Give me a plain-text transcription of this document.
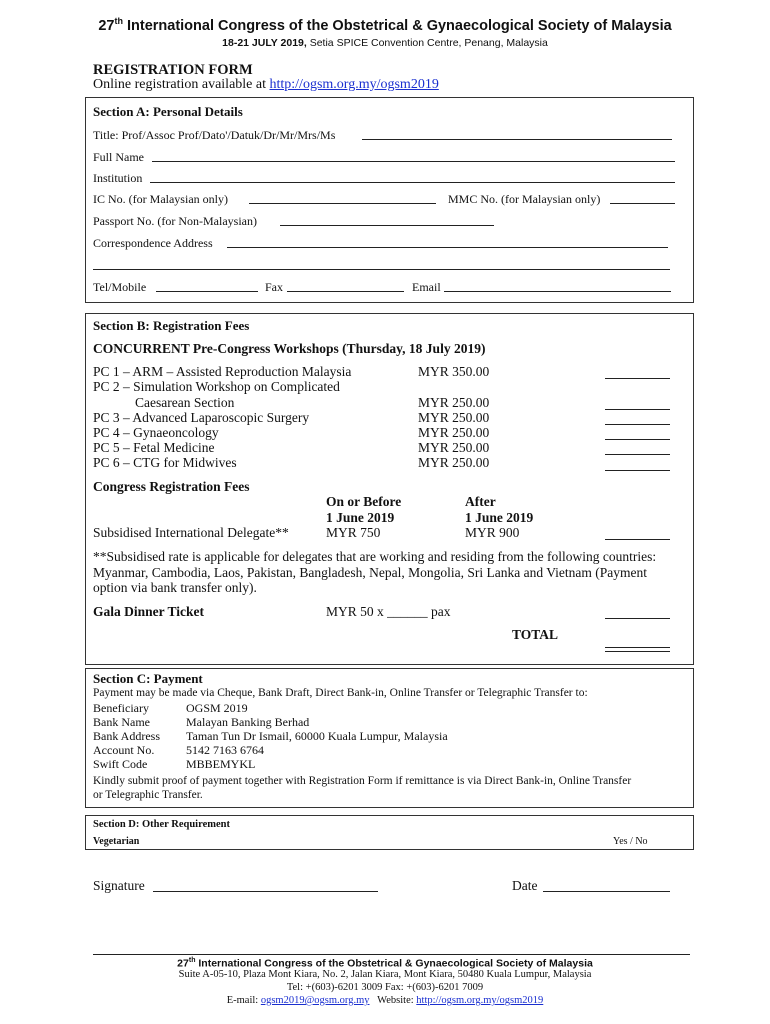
27th International Congress of the Obstetrical & Gynaecological Society of Malaysia
18-21 JULY 2019, Setia SPICE Convention Centre, Penang, Malaysia
REGISTRATION FORM
Online registration available at http://ogsm.org.my/ogsm2019
Section A: Personal Details
Title: Prof/Assoc Prof/Dato'/Datuk/Dr/Mr/Mrs/Ms
Full Name
Institution
IC No. (for Malaysian only)	MMC No. (for Malaysian only)
Passport No. (for Non-Malaysian)
Correspondence Address
Tel/Mobile	Fax	Email
Section B: Registration Fees
CONCURRENT Pre-Congress Workshops (Thursday, 18 July 2019)
PC 1 – ARM – Assisted Reproduction Malaysia	MYR 350.00
PC 2 – Simulation Workshop on Complicated
Caesarean Section	MYR 250.00
PC 3 – Advanced Laparoscopic Surgery	MYR 250.00
PC 4 – Gynaeoncology	MYR 250.00
PC 5 – Fetal Medicine	MYR 250.00
PC 6 – CTG for Midwives	MYR 250.00
Congress Registration Fees
On or Before
1 June 2019
After
1 June 2019
Subsidised International Delegate**	MYR 750	MYR 900
**Subsidised rate is applicable for delegates that are working and residing from the following countries:
Myanmar, Cambodia, Laos, Pakistan, Bangladesh, Nepal, Mongolia, Sri Lanka and Vietnam (Payment
option via bank transfer only).
Gala Dinner Ticket	MYR 50 x ______ pax
TOTAL
Section C: Payment
Payment may be made via Cheque, Bank Draft, Direct Bank-in, Online Transfer or Telegraphic Transfer to:
Beneficiary	OGSM 2019
Bank Name	Malayan Banking Berhad
Bank Address Taman Tun Dr Ismail, 60000 Kuala Lumpur, Malaysia
Account No.	5142 7163 6764
Swift Code	MBBEMYKL
Kindly submit proof of payment together with Registration Form if remittance is via Direct Bank-in, Online Transfer
or Telegraphic Transfer.
Section D: Other Requirement
Vegetarian	Yes / No
Signature	Date
27th International Congress of the Obstetrical & Gynaecological Society of Malaysia
Suite A-05-10, Plaza Mont Kiara, No. 2, Jalan Kiara, Mont Kiara, 50480 Kuala Lumpur, Malaysia
Tel: +(603)-6201 3009 Fax: +(603)-6201 7009
E-mail: ogsm2019@ogsm.org.my   Website: http://ogsm.org.my/ogsm2019
